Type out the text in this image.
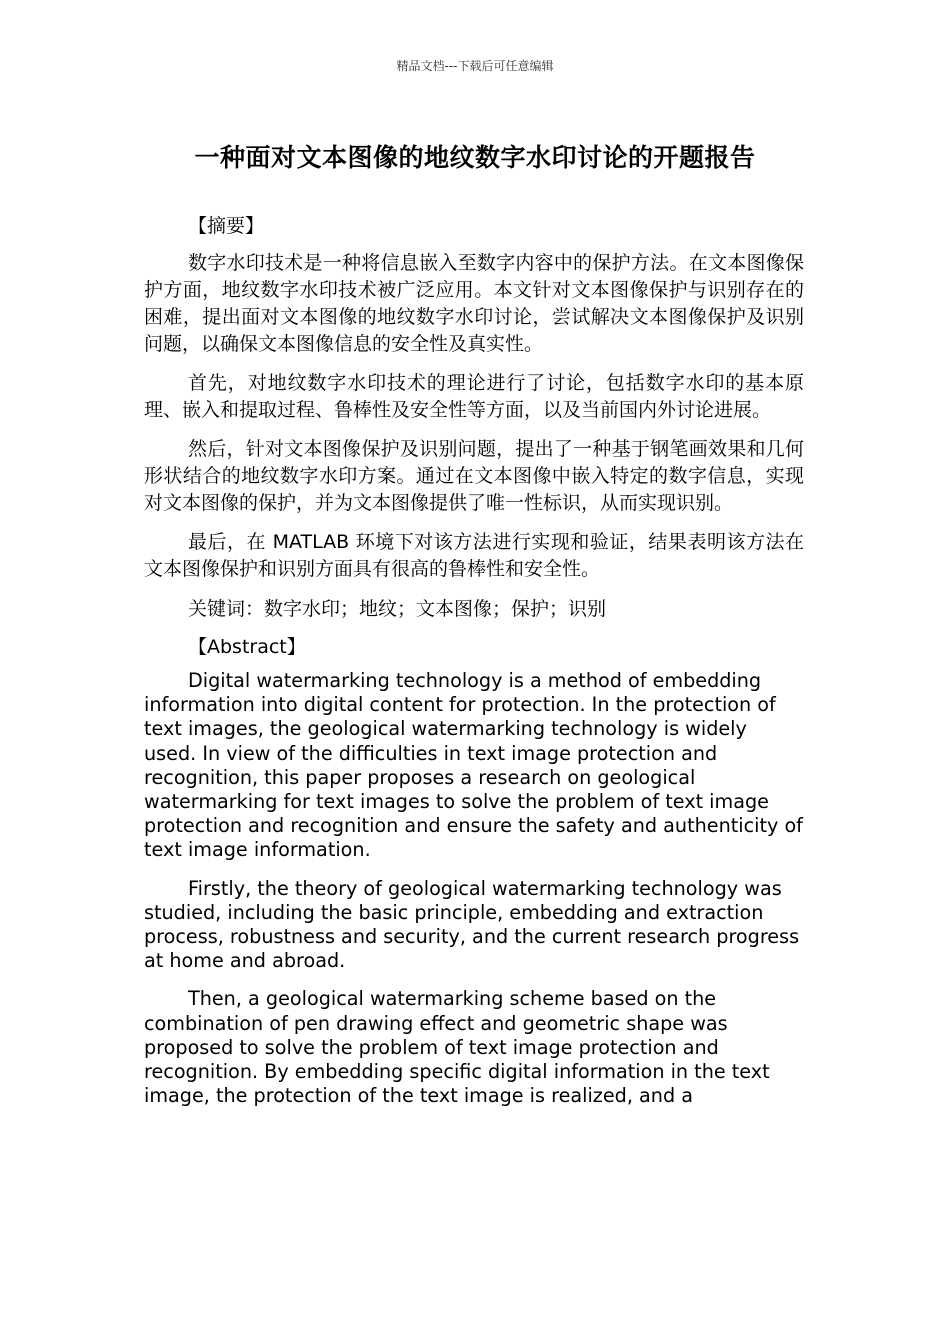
精品文档---下载后可任意编辑
一种面对文本图像的地纹数字水印讨论的开题报告
【摘要】

数字水印技术是一种将信息嵌入至数字内容中的保护方法。在文本图像保护方面，地纹数字水印技术被广泛应用。本文针对文本图像保护与识别存在的困难，提出面对文本图像的地纹数字水印讨论，尝试解决文本图像保护及识别问题，以确保文本图像信息的安全性及真实性。

首先，对地纹数字水印技术的理论进行了讨论，包括数字水印的基本原理、嵌入和提取过程、鲁棒性及安全性等方面，以及当前国内外讨论进展。

然后，针对文本图像保护及识别问题，提出了一种基于钢笔画效果和几何形状结合的地纹数字水印方案。通过在文本图像中嵌入特定的数字信息，实现对文本图像的保护，并为文本图像提供了唯一性标识，从而实现识别。

最后，在 MATLAB 环境下对该方法进行实现和验证，结果表明该方法在文本图像保护和识别方面具有很高的鲁棒性和安全性。

关键词：数字水印；地纹；文本图像；保护；识别
【Abstract】

Digital watermarking technology is a method of embedding information into digital content for protection. In the protection of text images, the geological watermarking technology is widely used. In view of the difficulties in text image protection and recognition, this paper proposes a research on geological watermarking for text images to solve the problem of text image protection and recognition and ensure the safety and authenticity of text image information.

Firstly, the theory of geological watermarking technology was studied, including the basic principle, embedding and extraction process, robustness and security, and the current research progress at home and abroad.

Then, a geological watermarking scheme based on the combination of pen drawing effect and geometric shape was proposed to solve the problem of text image protection and recognition. By embedding specific digital information in the text image, the protection of the text image is realized, and a
